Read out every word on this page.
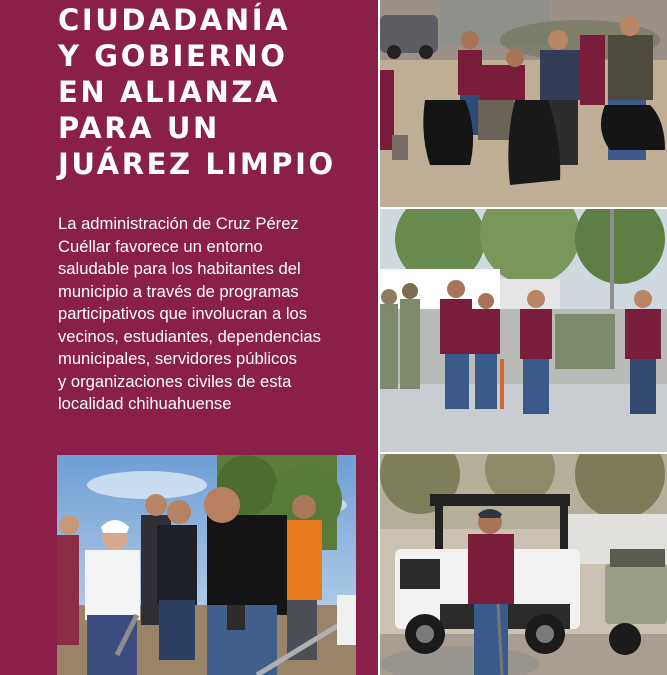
CIUDADANÍA
Y GOBIERNO
EN ALIANZA
PARA UN
JUÁREZ LIMPIO

La administración de Cruz Pérez
Cuéllar favorece un entorno
saludable para los habitantes del
municipio a través de programas
participativos que involucran a los
vecinos, estudiantes, dependencias
municipales, servidores públicos
y organizaciones civiles de esta
localidad chihuahuense
